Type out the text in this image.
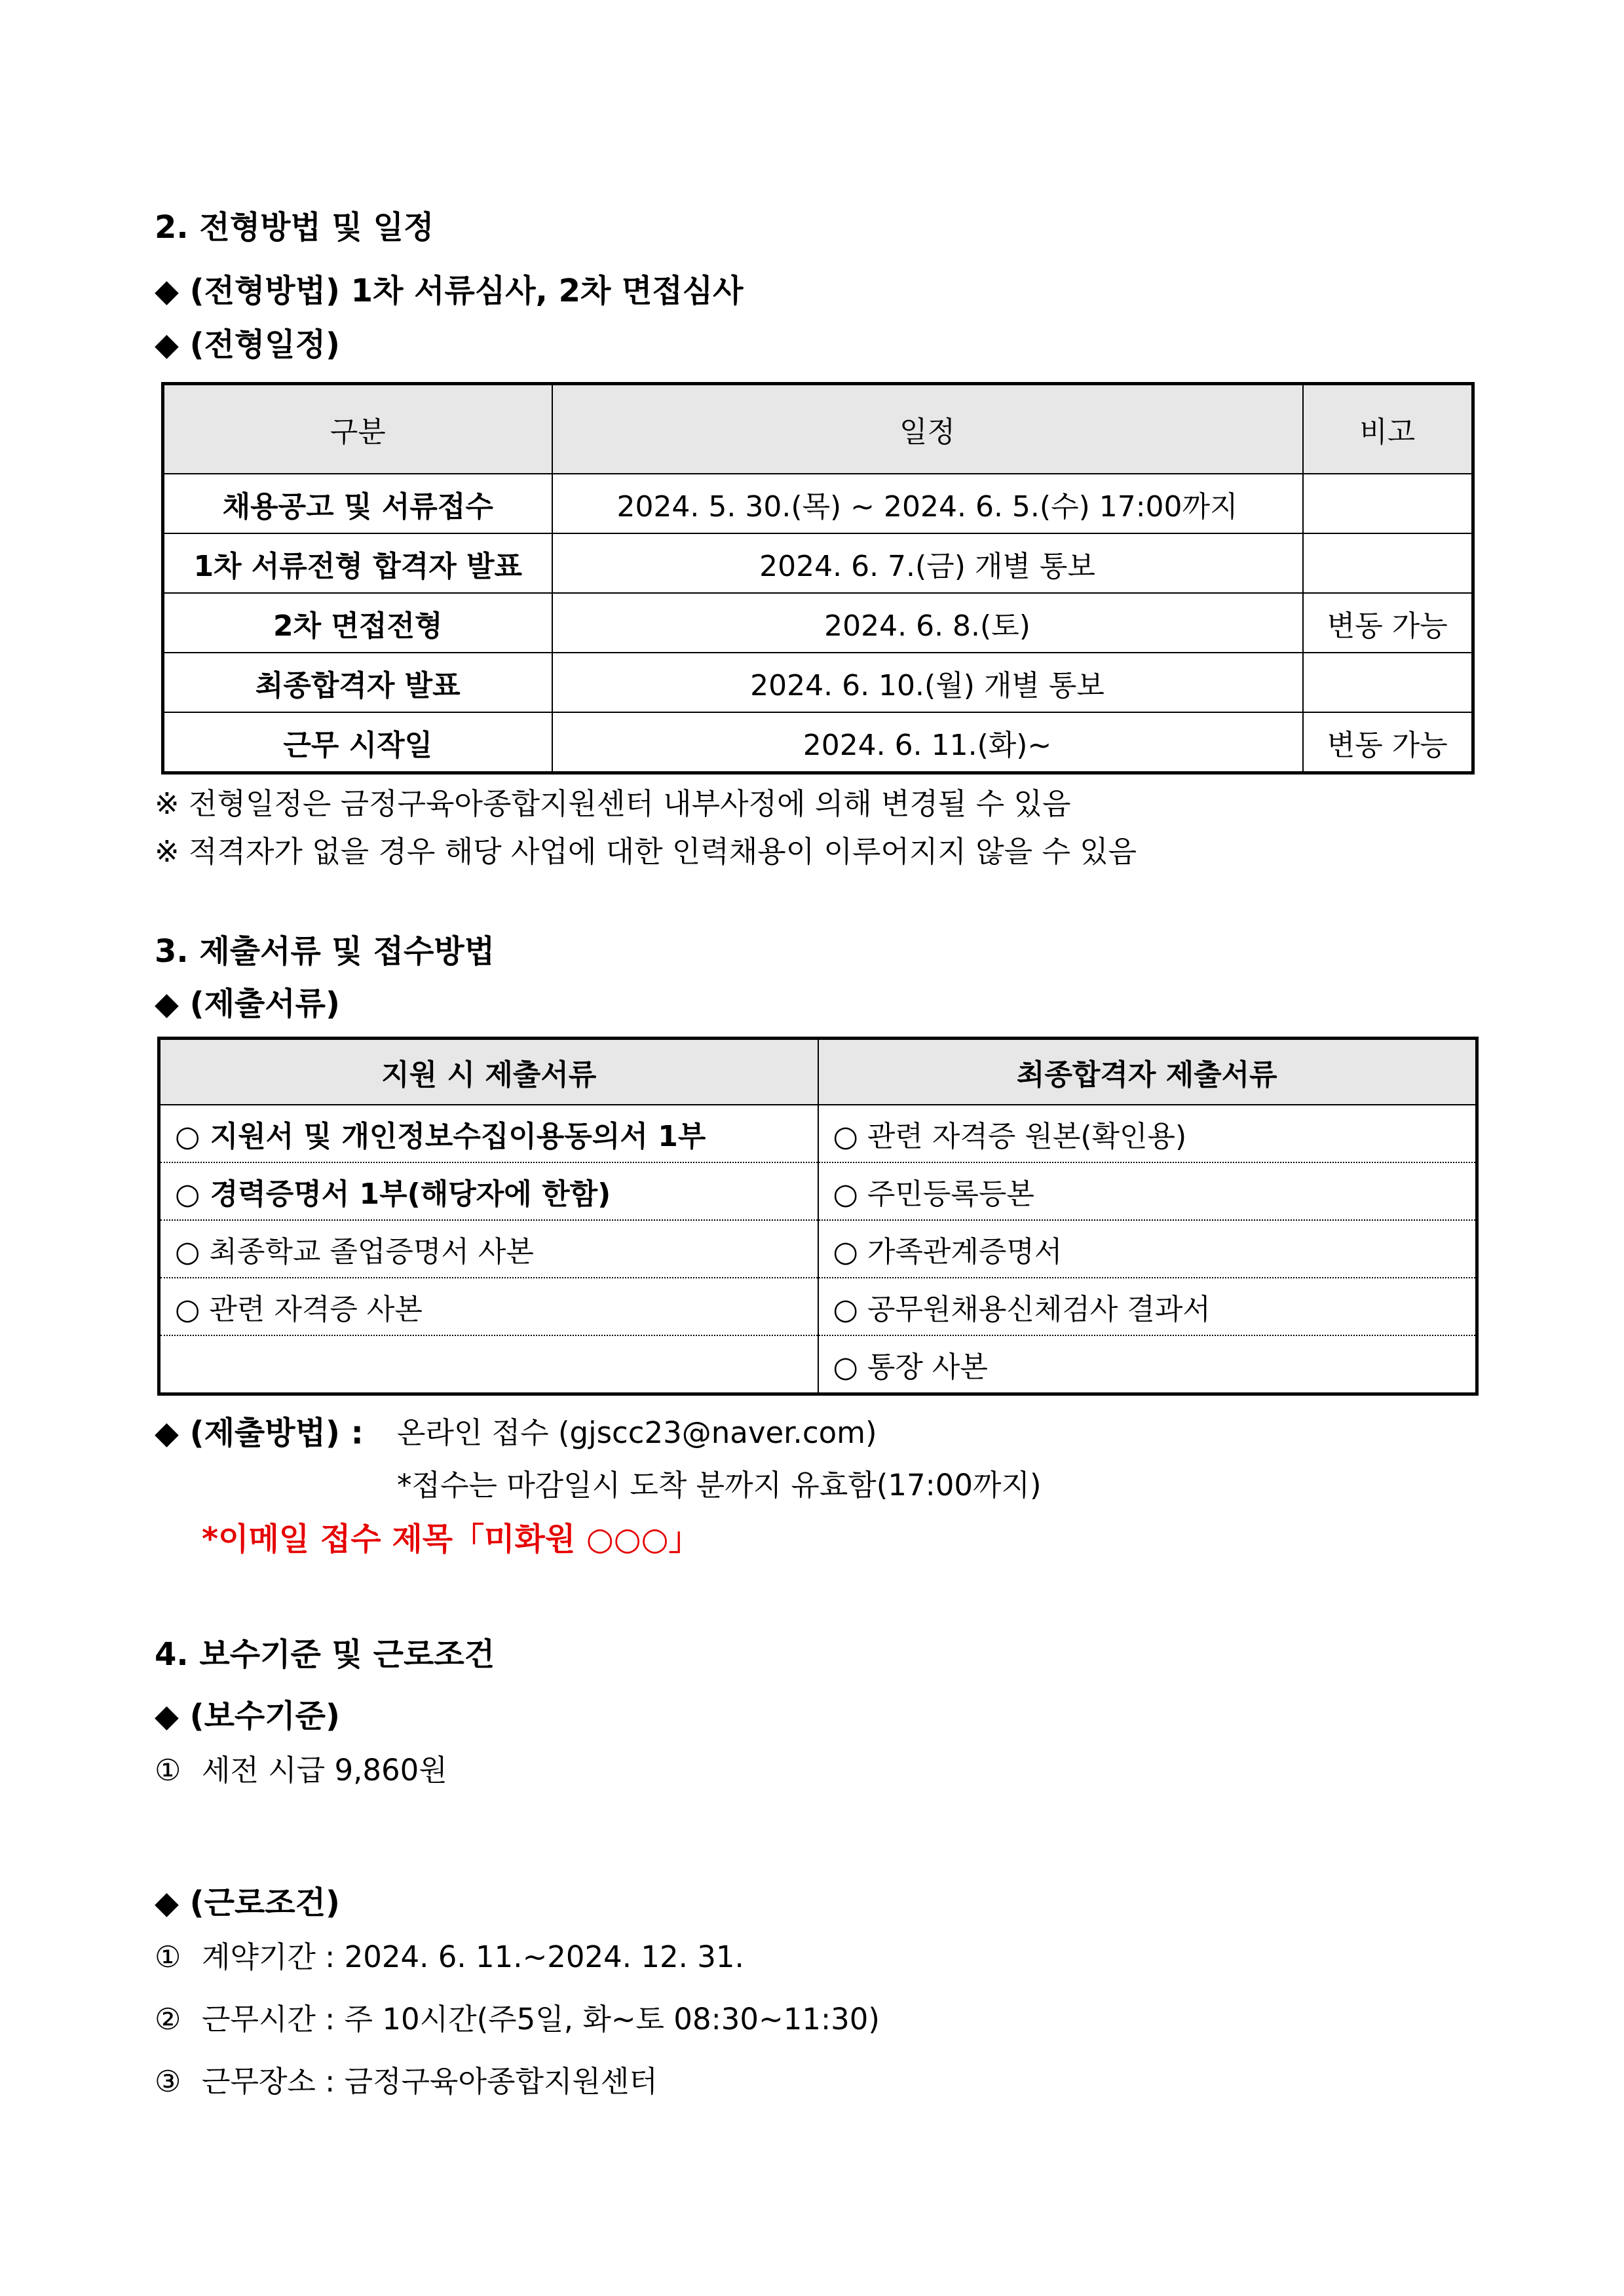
2. 전형방법 및 일정
◆ (전형방법) 1차 서류심사, 2차 면접심사
◆ (전형일정)
구분	일정	비고
채용공고 및 서류접수	2024. 5. 30.(목) ~ 2024. 6. 5.(수) 17:00까지	
1차 서류전형 합격자 발표	2024. 6. 7.(금) 개별 통보	
2차 면접전형	2024. 6. 8.(토)	변동 가능
최종합격자 발표	2024. 6. 10.(월) 개별 통보	
근무 시작일	2024. 6. 11.(화)~	변동 가능
※ 전형일정은 금정구육아종합지원센터 내부사정에 의해 변경될 수 있음
※ 적격자가 없을 경우 해당 사업에 대한 인력채용이 이루어지지 않을 수 있음
3. 제출서류 및 접수방법
◆ (제출서류)
지원 시 제출서류	최종합격자 제출서류
○ 지원서 및 개인정보수집이용동의서 1부	○ 관련 자격증 원본(확인용)
○ 경력증명서 1부(해당자에 한함)	○ 주민등록등본
○ 최종학교 졸업증명서 사본	○ 가족관계증명서
○ 관련 자격증 사본	○ 공무원채용신체검사 결과서
	○ 통장 사본
◆ (제출방법) : 온라인 접수 (gjscc23@naver.com)
*접수는 마감일시 도착 분까지 유효함(17:00까지)
*이메일 접수 제목「미화원 ○○○」
4. 보수기준 및 근로조건
◆ (보수기준)
① 세전 시급 9,860원
◆ (근로조건)
① 계약기간 : 2024. 6. 11.~2024. 12. 31.
② 근무시간 : 주 10시간(주5일, 화~토 08:30~11:30)
③ 근무장소 : 금정구육아종합지원센터
